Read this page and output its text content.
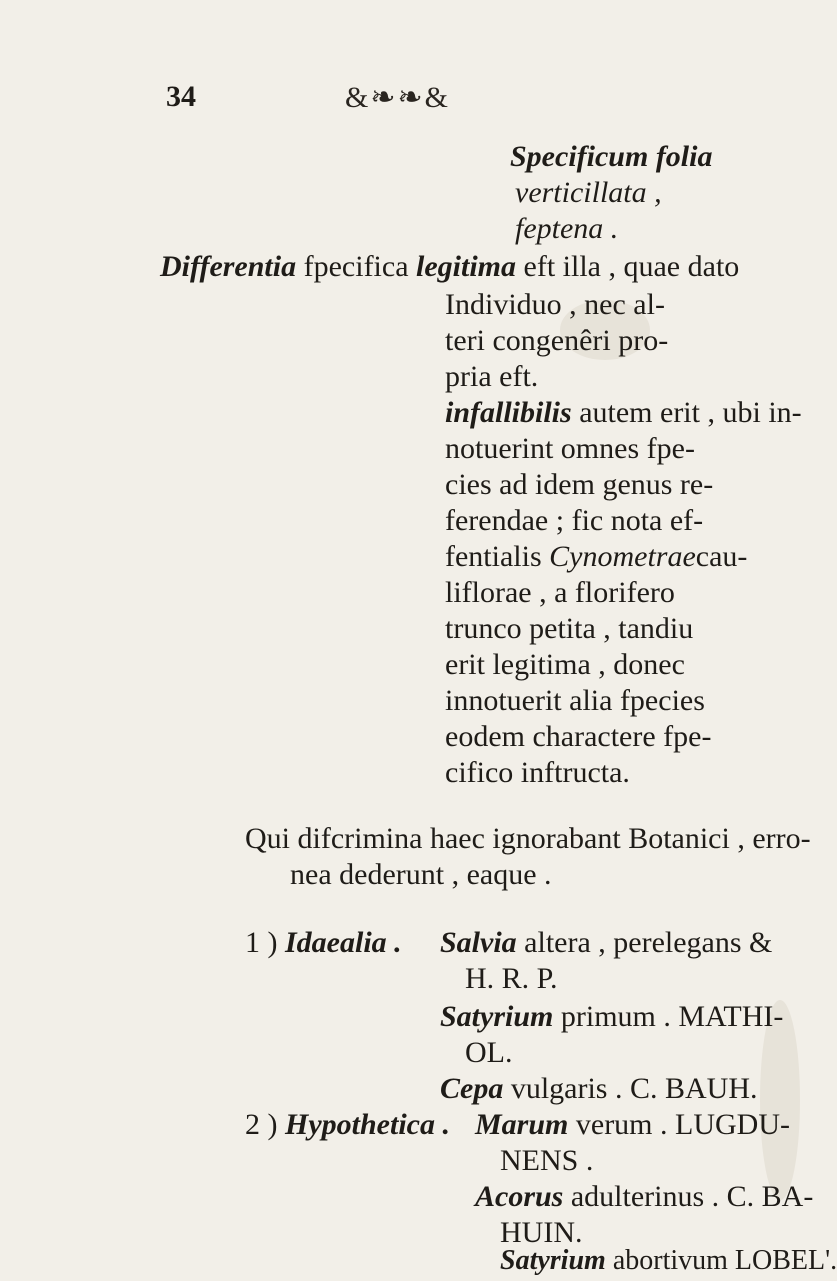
34	&❧❧&
Specificum folia
verticillata ,
feptena .
Differentia fpecifica legitima eft illa , quae dato
Individuo , nec al-
teri congenêri pro-
pria eft.
infallibilis autem erit , ubi in-
notuerint omnes fpe-
cies ad idem genus re-
ferendae ; fic nota ef-
fentialis Cynometraecau-
liflorae , a florifero
trunco petita , tandiu
erit legitima , donec
innotuerit alia fpecies
eodem charactere fpe-
cifico inftructa.
Qui difcrimina haec ignorabant Botanici , erro-
nea dederunt , eaque .
1 ) Idaealia . Salvia altera , perelegans &
H. R. P.
Satyrium primum . MATHI-
OL.
Cepa vulgaris . C. BAUH.
2 ) Hypothetica . Marum verum . LUGDU-
NENS .
Acorus adulterinus . C. BA-
HUIN.
Satyrium abortivum LOBEL'.
